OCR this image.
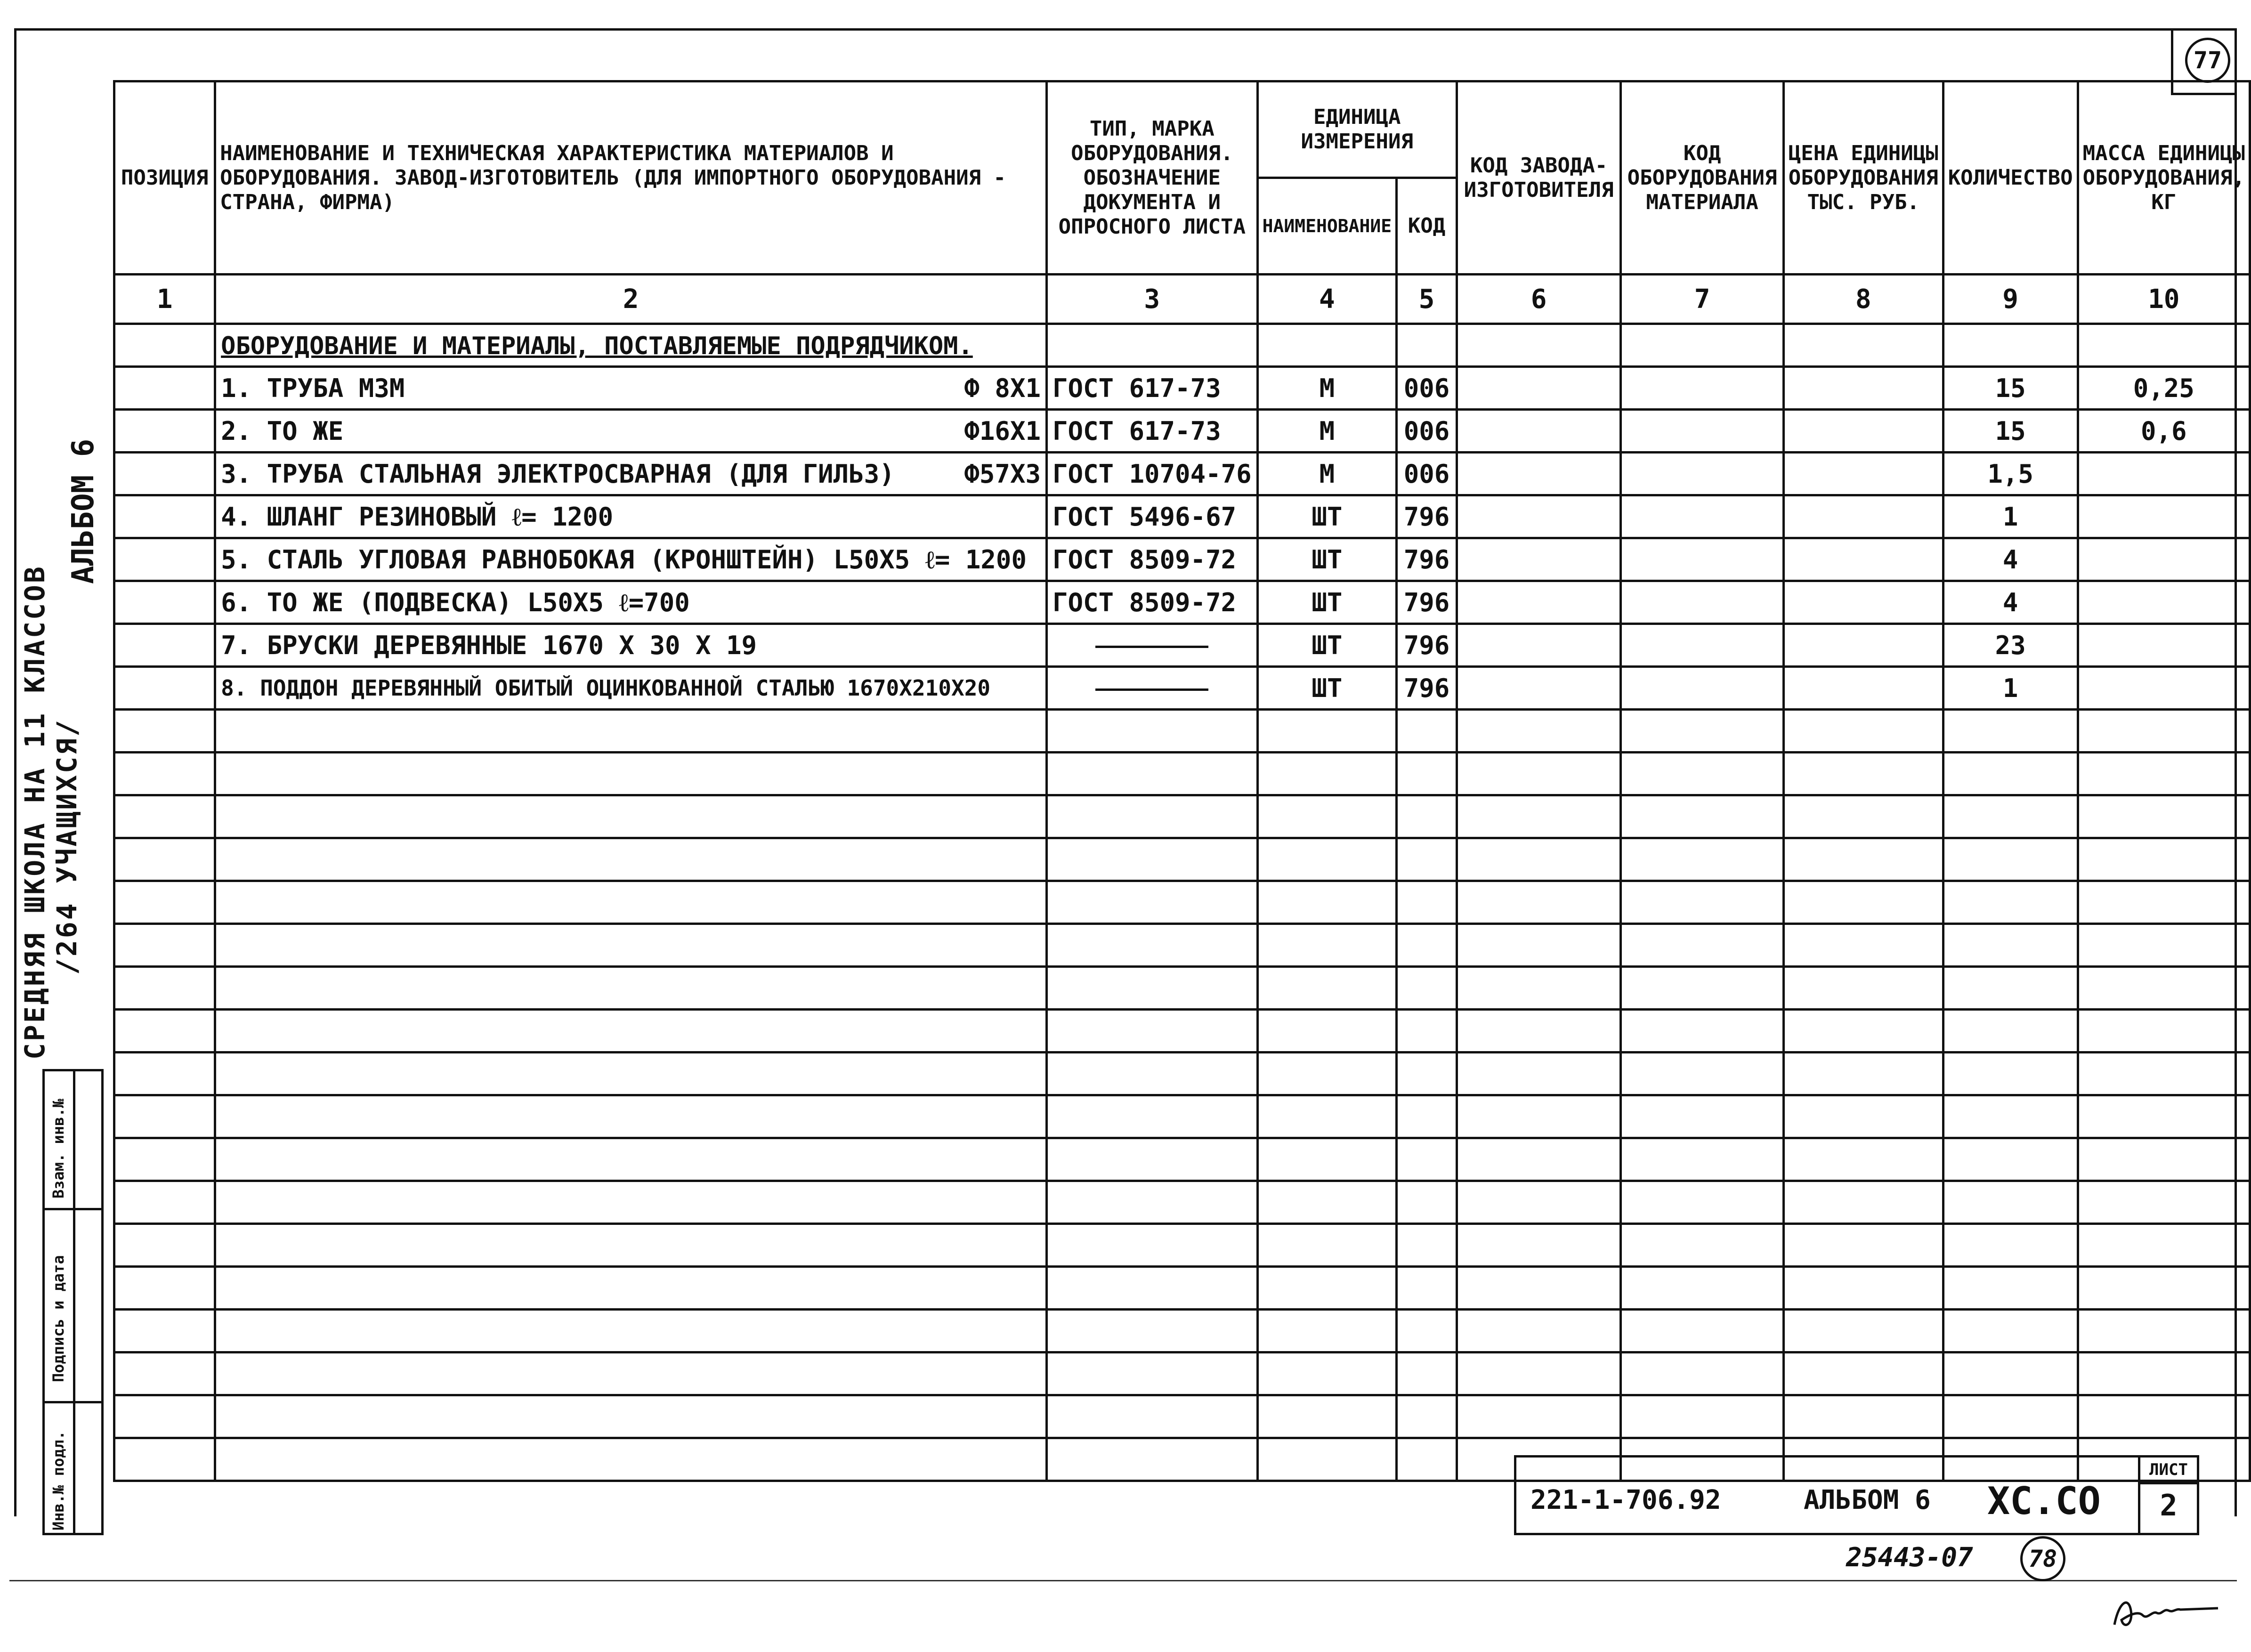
77
АЛЬБОМ 6
СРЕДНЯЯ ШКОЛА НА 11 КЛАССОВ /264 УЧАЩИХСЯ/
Взам. инв.№
Подпись и дата
Инв.№ подл.
ПОЗИЦИЯ	НАИМЕНОВАНИЕ И ТЕХНИЧЕСКАЯ ХАРАКТЕРИСТИКА МАТЕРИАЛОВ И ОБОРУДОВАНИЯ. ЗАВОД-ИЗГОТОВИТЕЛЬ (ДЛЯ ИМПОРТНОГО ОБОРУДОВАНИЯ - СТРАНА, ФИРМА)	ТИП, МАРКА ОБОРУДОВАНИЯ. ОБОЗНАЧЕНИЕ ДОКУМЕНТА И ОПРОСНОГО ЛИСТА	ЕДИНИЦА ИЗМЕРЕНИЯ		КОД ЗАВОДА-ИЗГОТОВИТЕЛЯ	КОД ОБОРУДОВАНИЯ МАТЕРИАЛА	ЦЕНА ЕДИНИЦЫ ОБОРУДОВАНИЯ ТЫС. РУБ.	КОЛИЧЕСТВО	МАССА ЕДИНИЦЫ ОБОРУДОВАНИЯ, КГ
			НАИМЕНОВАНИЕ	КОД					
1	2	3	4	5	6	7	8	9	10
	ОБОРУДОВАНИЕ И МАТЕРИАЛЫ, ПОСТАВЛЯЕМЫЕ ПОДРЯДЧИКОМ.								

	1. ТРУБА М3М Ф 8Х1	ГОСТ 617-73	М	006				15	0,25

	2. ТО ЖЕ Ф16Х1	ГОСТ 617-73	М	006				15	0,6

	3. ТРУБА СТАЛЬНАЯ ЭЛЕКТРОСВАРНАЯ (ДЛЯ ГИЛЬЗ) Ф57Х3	ГОСТ 10704-76	М	006				1,5	

	4. ШЛАНГ РЕЗИНОВЫЙ ℓ= 1200	ГОСТ 5496-67	ШТ	796				1	

	5. СТАЛЬ УГЛОВАЯ РАВНОБОКАЯ (КРОНШТЕЙН) L50Х5 ℓ= 1200	ГОСТ 8509-72	ШТ	796				4	

	6. ТО ЖЕ (ПОДВЕСКА) L50Х5 ℓ=700	ГОСТ 8509-72	ШТ	796				4	

	7. БРУСКИ ДЕРЕВЯННЫЕ 1670 Х 30 Х 19		ШТ	796				23	

	8. ПОДДОН ДЕРЕВЯННЫЙ ОБИТЫЙ ОЦИНКОВАННОЙ СТАЛЬЮ 1670Х210Х20		ШТ	796				1	

221-1-706.92	АЛЬБОМ 6 ХС.СО
ЛИСТ
2
25443-07	78
